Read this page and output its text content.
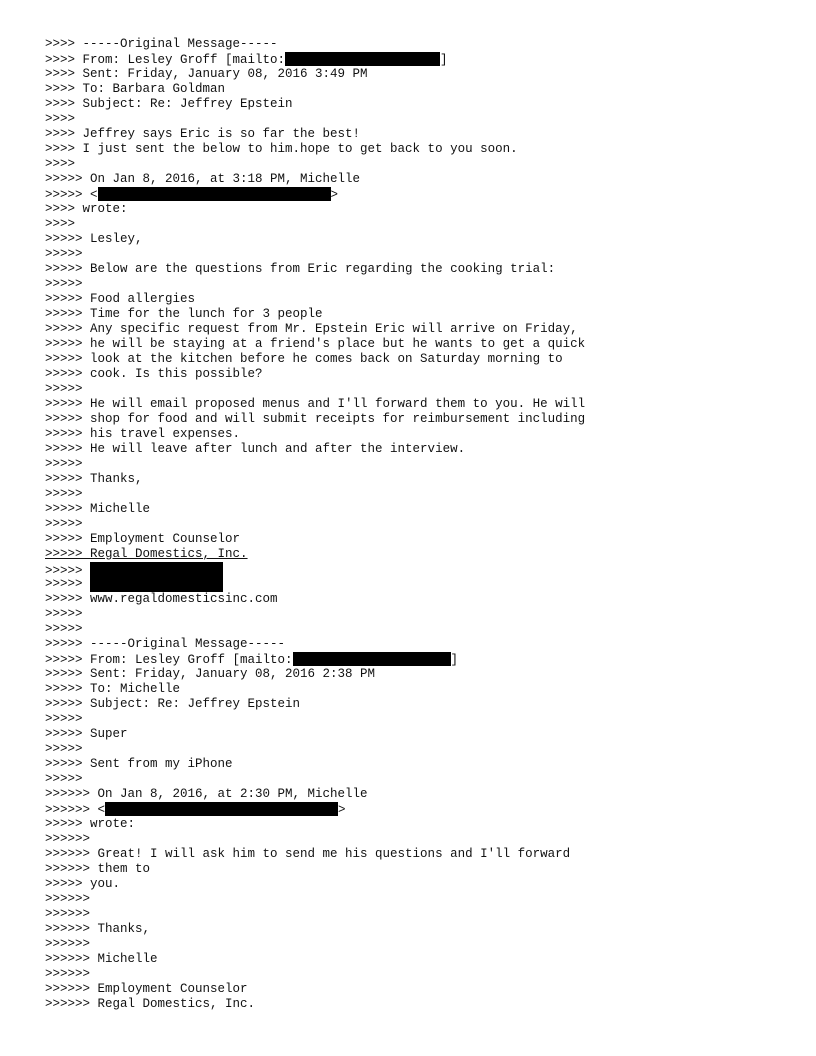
>>>> -----Original Message-----
>>>> From: Lesley Groff [mailto:	]
>>>> Sent: Friday, January 08, 2016 3:49 PM
>>>> To: Barbara Goldman
>>>> Subject: Re: Jeffrey Epstein
>>>>
>>>> Jeffrey says Eric is so far the best!
>>>> I just sent the below to him.hope to get back to you soon.
>>>>
>>>>> On Jan 8, 2016, at 3:18 PM, Michelle
>>>>> <	>
>>>> wrote:
>>>>
>>>>> Lesley,
>>>>>
>>>>> Below are the questions from Eric regarding the cooking trial:
>>>>>
>>>>> Food allergies
>>>>> Time for the lunch for 3 people
>>>>> Any specific request from Mr. Epstein Eric will arrive on Friday,
>>>>> he will be staying at a friend's place but he wants to get a quick
>>>>> look at the kitchen before he comes back on Saturday morning to
>>>>> cook. Is this possible?
>>>>>
>>>>> He will email proposed menus and I'll forward them to you. He will
>>>>> shop for food and will submit receipts for reimbursement including
>>>>> his travel expenses.
>>>>> He will leave after lunch and after the interview.
>>>>>
>>>>> Thanks,
>>>>>
>>>>> Michelle
>>>>>
>>>>> Employment Counselor
>>>>> Regal Domestics, Inc.
>>>>>
>>>>>
>>>>> www.regaldomesticsinc.com
>>>>>
>>>>>
>>>>> -----Original Message-----
>>>>> From: Lesley Groff [mailto:	]
>>>>> Sent: Friday, January 08, 2016 2:38 PM
>>>>> To: Michelle
>>>>> Subject: Re: Jeffrey Epstein
>>>>>
>>>>> Super
>>>>>
>>>>> Sent from my iPhone
>>>>>
>>>>>> On Jan 8, 2016, at 2:30 PM, Michelle
>>>>>> <	>
>>>>> wrote:
>>>>>>
>>>>>> Great! I will ask him to send me his questions and I'll forward
>>>>>> them to
>>>>> you.
>>>>>>
>>>>>>
>>>>>> Thanks,
>>>>>>
>>>>>> Michelle
>>>>>>
>>>>>> Employment Counselor
>>>>>> Regal Domestics, Inc.
